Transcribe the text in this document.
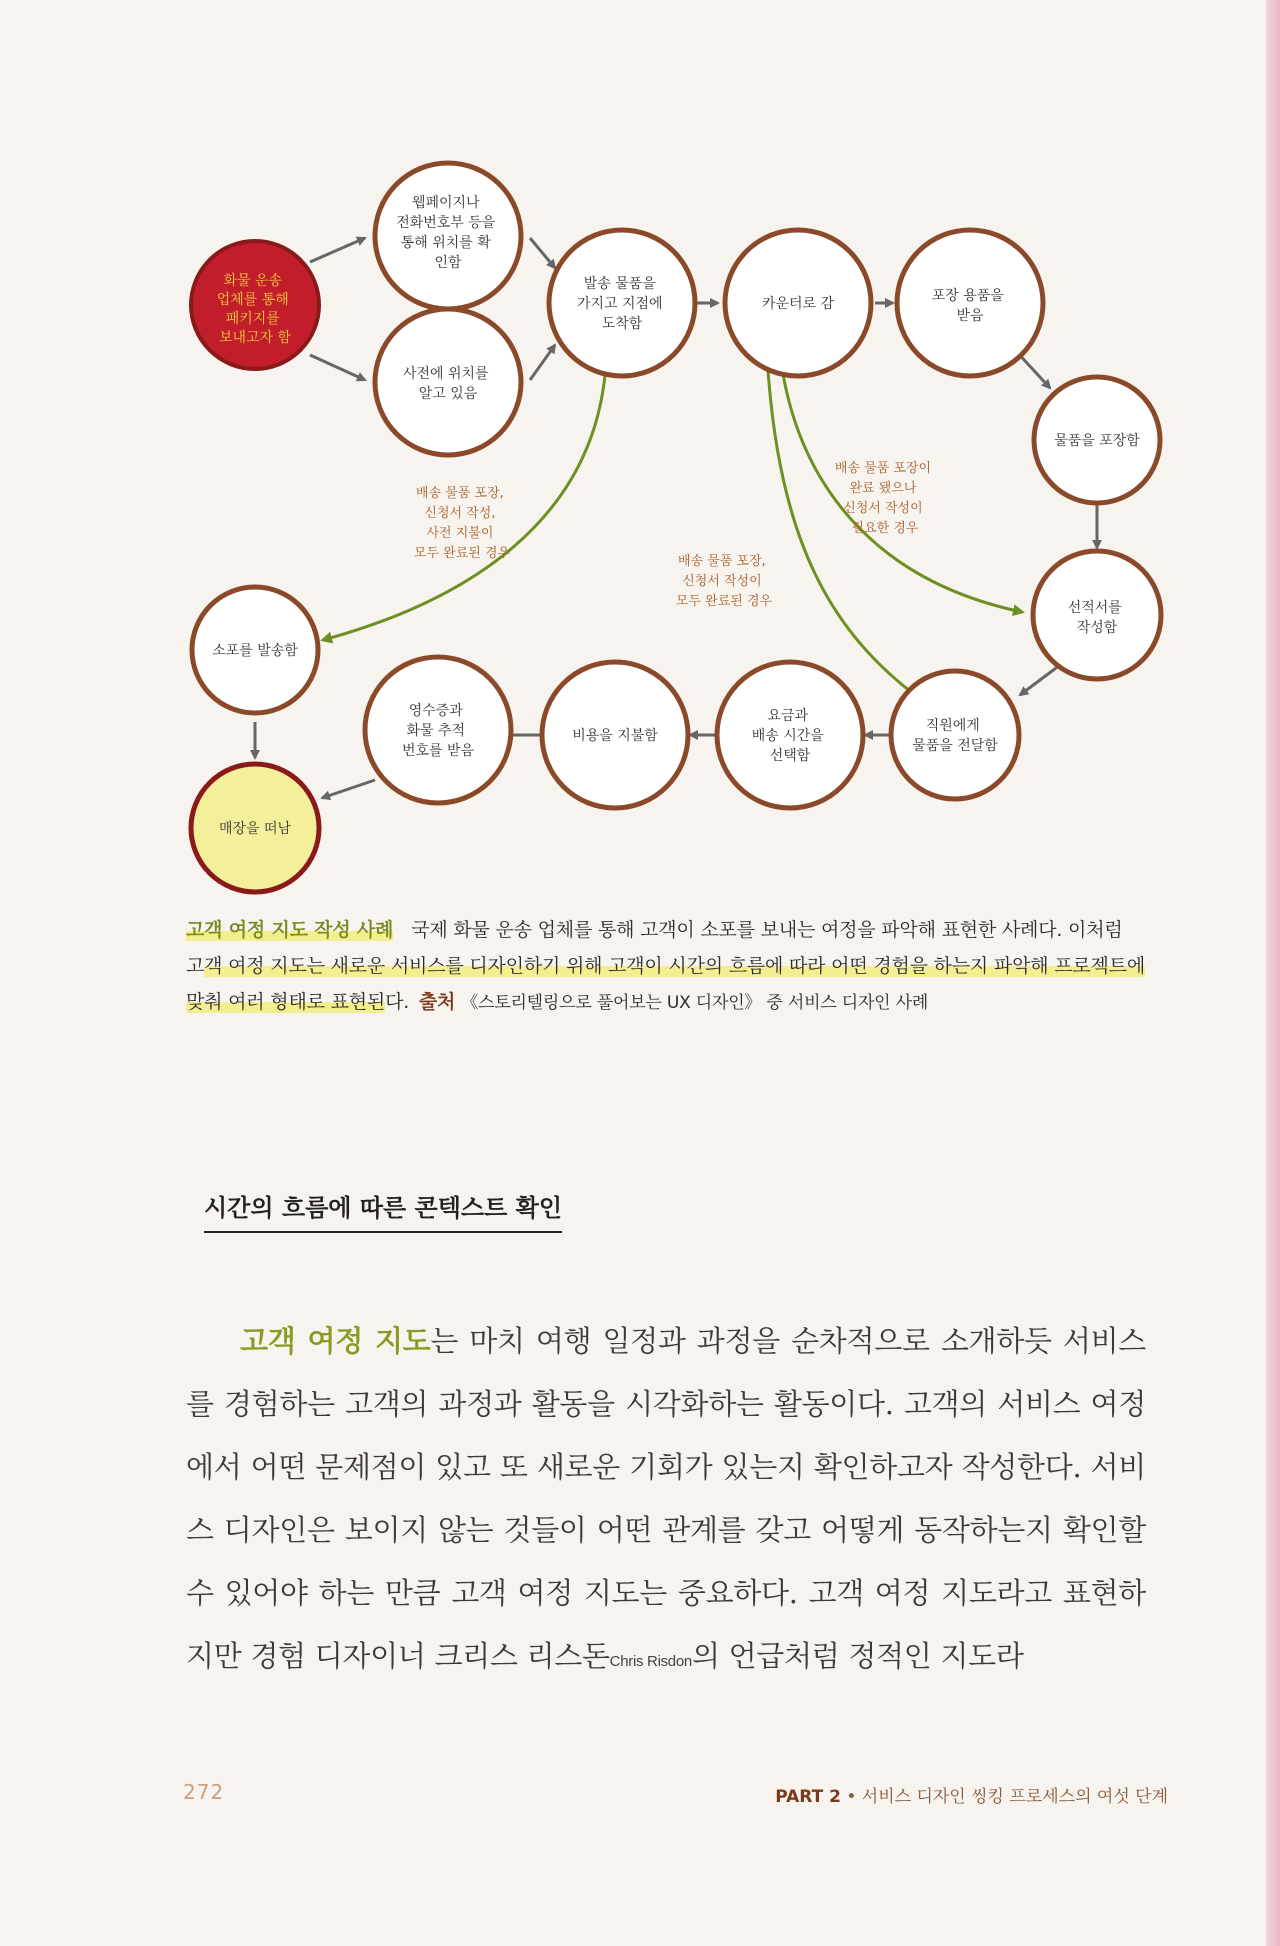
배송 물품 포장, 신청서 작성, 사전 지불이 모두 완료된 경우
배송 물품 포장, 신청서 작성이 모두 완료된 경우
배송 물품 포장이 완료 됐으나 신청서 작성이 필요한 경우
화물 운송 업체를 통해 패키지를 보내고자 함
웹페이지나 전화번호부 등을 통해 위치를 확 인함
사전에 위치를 알고 있음
발송 물품을 가지고 지점에 도착함
카운터로 감	포장 용품을 받음
물품을 포장함
선적서를 작성함
직원에게 물품을 전달함
요금과 배송 시간을 선택함
비용을 지불함
영수증과 화물 추적 번호를 받음
소포를 발송함
매장을 떠남
고객 여정 지도 작성 사례 국제 화물 운송 업체를 통해 고객이 소포를 보내는 여정을 파악해 표현한 사례다. 이처럼 고객 여정 지도는 새로운 서비스를 디자인하기 위해 고객이 시간의 흐름에 따라 어떤 경험을 하는지 파악해 프로젝트에 맞춰 여러 형태로 표현된다. 출처 《스토리텔링으로 풀어보는 UX 디자인》 중 서비스 디자인 사례
시간의 흐름에 따른 콘텍스트 확인
고객 여정 지도는 마치 여행 일정과 과정을 순차적으로 소개하듯 서비스를 경험하는 고객의 과정과 활동을 시각화하는 활동이다. 고객의 서비스 여정에서 어떤 문제점이 있고 또 새로운 기회가 있는지 확인하고자 작성한다. 서비스 디자인은 보이지 않는 것들이 어떤 관계를 갖고 어떻게 동작하는지 확인할 수 있어야 하는 만큼 고객 여정 지도는 중요하다. 고객 여정 지도라고 표현하지만 경험 디자이너 크리스 리스돈Chris Risdon의 언급처럼 정적인 지도라
272	PART 2 • 서비스 디자인 씽킹 프로세스의 여섯 단계
